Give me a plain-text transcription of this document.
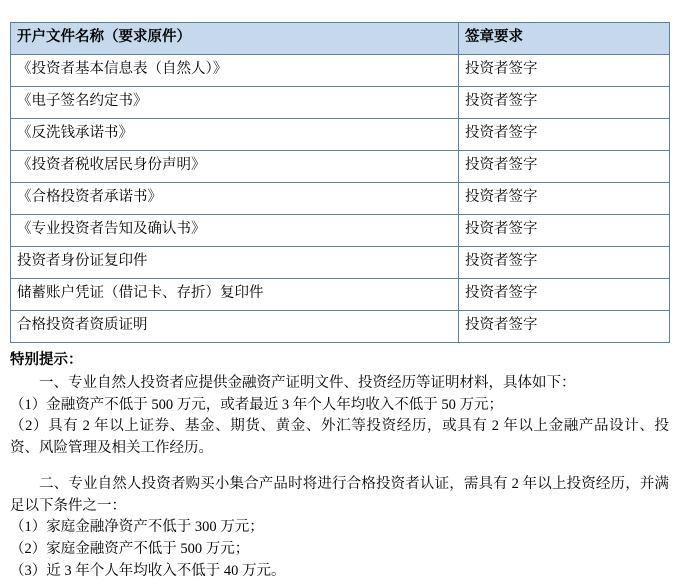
开户文件名称（要求原件）	签章要求
《投资者基本信息表（自然人）》	投资者签字
《电子签名约定书》	投资者签字
《反洗钱承诺书》	投资者签字
《投资者税收居民身份声明》	投资者签字
《合格投资者承诺书》	投资者签字
《专业投资者告知及确认书》	投资者签字
投资者身份证复印件	投资者签字
储蓄账户凭证（借记卡、存折）复印件	投资者签字
合格投资者资质证明	投资者签字

特别提示：

一、专业自然人投资者应提供金融资产证明文件、投资经历等证明材料，具体如下：

（1）金融资产不低于 500 万元，或者最近 3 年个人年均收入不低于 50 万元；

（2）具有 2 年以上证券、基金、期货、黄金、外汇等投资经历，或具有 2 年以上金融产品设计、投资、风险管理及相关工作经历。

二、专业自然人投资者购买小集合产品时将进行合格投资者认证，需具有 2 年以上投资经历，并满足以下条件之一：

（1）家庭金融净资产不低于 300 万元；

（2）家庭金融资产不低于 500 万元；

（3）近 3 年个人年均收入不低于 40 万元。
